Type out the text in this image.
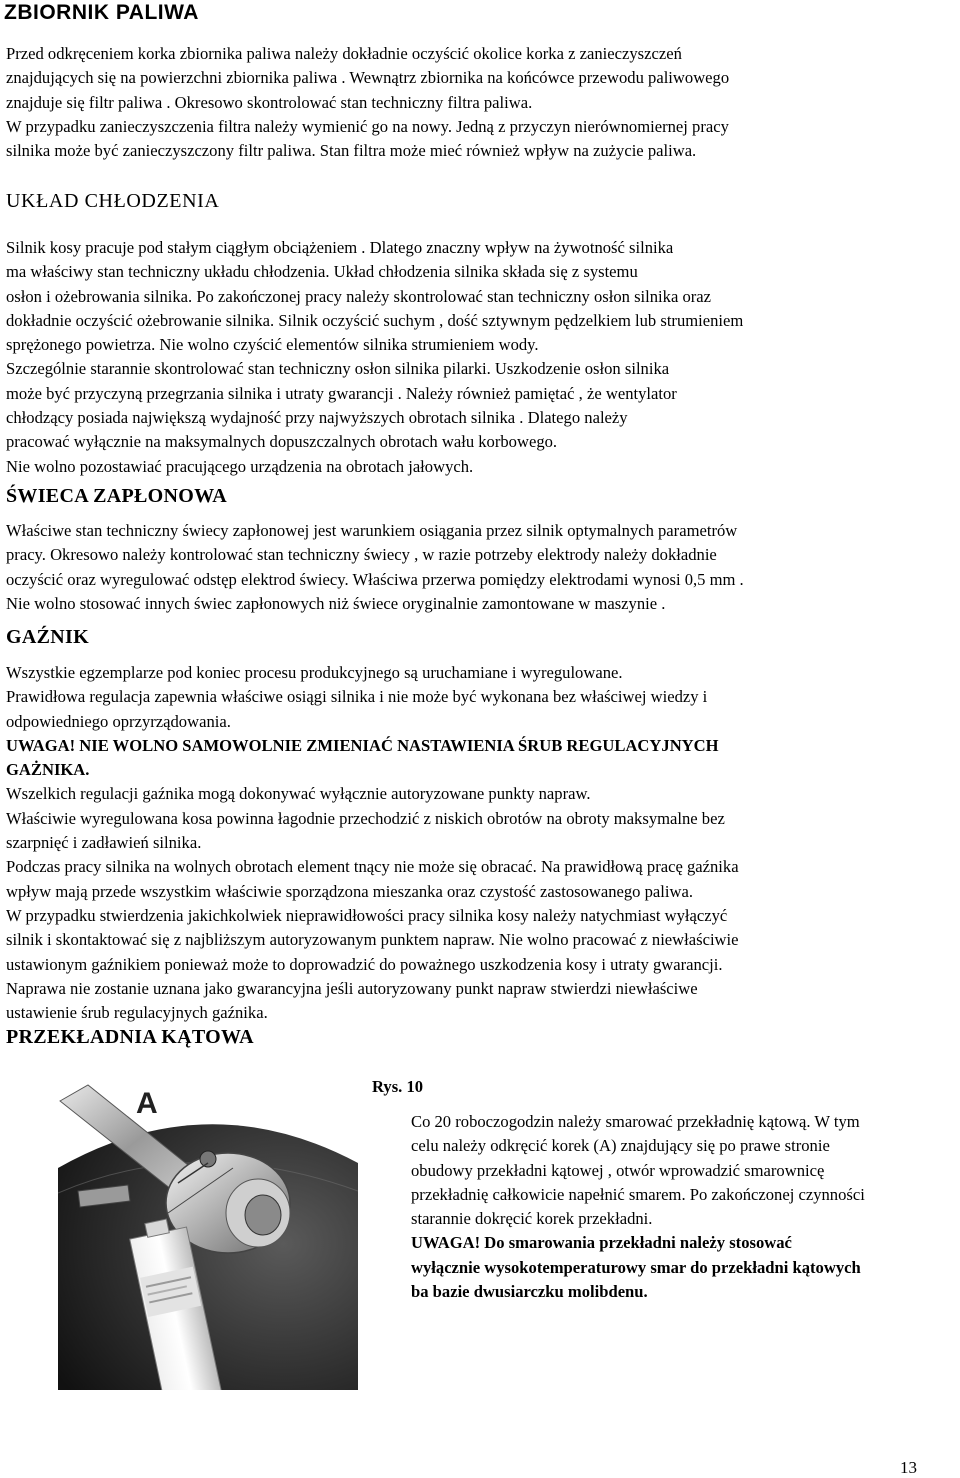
ZBIORNIK PALIWA
Przed odkręceniem korka zbiornika paliwa należy dokładnie oczyścić okolice korka z zanieczyszczeń
znajdujących się na powierzchni zbiornika paliwa . Wewnątrz zbiornika na końcówce przewodu paliwowego
znajduje się filtr paliwa . Okresowo skontrolować stan techniczny filtra paliwa.
W przypadku zanieczyszczenia filtra należy wymienić go na nowy. Jedną z przyczyn nierównomiernej pracy
silnika może być zanieczyszczony filtr paliwa. Stan filtra może mieć również wpływ na zużycie paliwa.
UKŁAD CHŁODZENIA
Silnik kosy pracuje pod stałym ciągłym obciążeniem . Dlatego znaczny wpływ na żywotność silnika
ma właściwy stan techniczny układu chłodzenia. Układ chłodzenia silnika składa się z systemu
osłon i ożebrowania silnika. Po zakończonej pracy należy skontrolować stan techniczny osłon silnika oraz
dokładnie oczyścić ożebrowanie silnika. Silnik oczyścić suchym , dość sztywnym pędzelkiem lub strumieniem
sprężonego powietrza. Nie wolno czyścić elementów silnika strumieniem wody.
Szczególnie starannie skontrolować stan techniczny osłon silnika pilarki. Uszkodzenie osłon silnika
może być przyczyną przegrzania silnika i utraty gwarancji . Należy również pamiętać , że wentylator
chłodzący posiada największą wydajność przy najwyższych obrotach silnika . Dlatego należy
pracować wyłącznie na maksymalnych dopuszczalnych obrotach wału korbowego.
Nie wolno pozostawiać pracującego urządzenia na obrotach jałowych.
ŚWIECA ZAPŁONOWA
Właściwe stan techniczny świecy zapłonowej jest warunkiem osiągania przez silnik optymalnych parametrów
pracy. Okresowo należy kontrolować stan techniczny świecy , w razie potrzeby elektrody należy dokładnie
oczyścić oraz wyregulować odstęp elektrod świecy. Właściwa przerwa pomiędzy elektrodami wynosi 0,5 mm .
Nie wolno stosować innych świec zapłonowych niż świece oryginalnie zamontowane w maszynie .
GAŹNIK
Wszystkie egzemplarze pod koniec procesu produkcyjnego są uruchamiane i wyregulowane.
Prawidłowa regulacja zapewnia właściwe osiągi silnika i nie może być wykonana bez właściwej wiedzy i
odpowiedniego oprzyrządowania.
UWAGA! NIE WOLNO SAMOWOLNIE ZMIENIAĆ NASTAWIENIA ŚRUB REGULACYJNYCH
GAŻNIKA.
Wszelkich regulacji gaźnika mogą dokonywać wyłącznie autoryzowane punkty napraw.
Właściwie wyregulowana kosa powinna łagodnie przechodzić z niskich obrotów na obroty maksymalne bez
szarpnięć i zadławień silnika.
Podczas pracy silnika na wolnych obrotach element tnący nie może się obracać. Na prawidłową pracę gaźnika
wpływ mają przede wszystkim właściwie sporządzona mieszanka oraz czystość zastosowanego paliwa.
W przypadku stwierdzenia jakichkolwiek nieprawidłowości pracy silnika kosy należy natychmiast wyłączyć
silnik i skontaktować się z najbliższym autoryzowanym punktem napraw. Nie wolno pracować z niewłaściwie
ustawionym gaźnikiem ponieważ może to doprowadzić do poważnego uszkodzenia kosy i utraty gwarancji.
Naprawa nie zostanie uznana jako gwarancyjna jeśli autoryzowany punkt napraw stwierdzi niewłaściwe
ustawienie śrub regulacyjnych gaźnika.
PRZEKŁADNIA KĄTOWA
A
Rys. 10
Co 20 roboczogodzin należy smarować przekładnię kątową. W tym
celu należy odkręcić korek (A) znajdujący się po prawe stronie
obudowy przekładni kątowej , otwór wprowadzić smarownicę
przekładnię całkowicie napełnić smarem. Po zakończonej czynności
starannie dokręcić korek przekładni.
UWAGA! Do smarowania przekładni należy stosować
wyłącznie wysokotemperaturowy smar do przekładni kątowych
ba bazie dwusiarczku molibdenu.
13
